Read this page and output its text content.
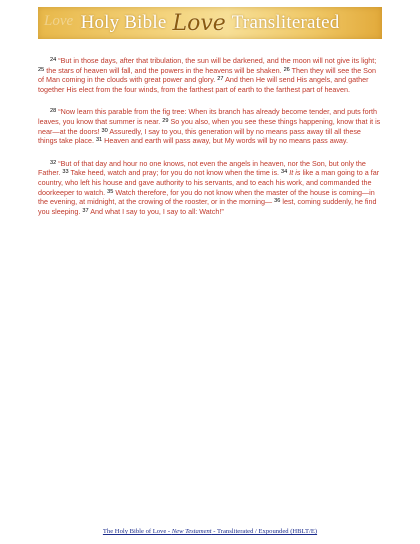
Love Holy Bible Love Transliterated

$^{24}$ “But in those days, after that tribulation, the sun will be darkened, and the moon will not give its light; $^{25}$ the stars of heaven will fall, and the powers in the heavens will be shaken. $^{26}$ Then they will see the Son of Man coming in the clouds with great power and glory. $^{27}$ And then He will send His angels, and gather together His elect from the four winds, from the farthest part of earth to the farthest part of heaven.

$^{28}$ “Now learn this parable from the fig tree: When its branch has already become tender, and puts forth leaves, you know that summer is near. $^{29}$ So you also, when you see these things happening, know that it is near—at the doors! $^{30}$ Assuredly, I say to you, this generation will by no means pass away till all these things take place. $^{31}$ Heaven and earth will pass away, but My words will by no means pass away.

$^{32}$ “But of that day and hour no one knows, not even the angels in heaven, nor the Son, but only the Father. $^{33}$ Take heed, watch and pray; for you do not know when the time is. $^{34}$ It is like a man going to a far country, who left his house and gave authority to his servants, and to each his work, and commanded the doorkeeper to watch. $^{35}$ Watch therefore, for you do not know when the master of the house is coming—in the evening, at midnight, at the crowing of the rooster, or in the morning— $^{36}$ lest, coming suddenly, he find you sleeping. $^{37}$ And what I say to you, I say to all: Watch!”

The Holy Bible of Love - New Testament - Transliterated / Expounded (HBLT/E)
